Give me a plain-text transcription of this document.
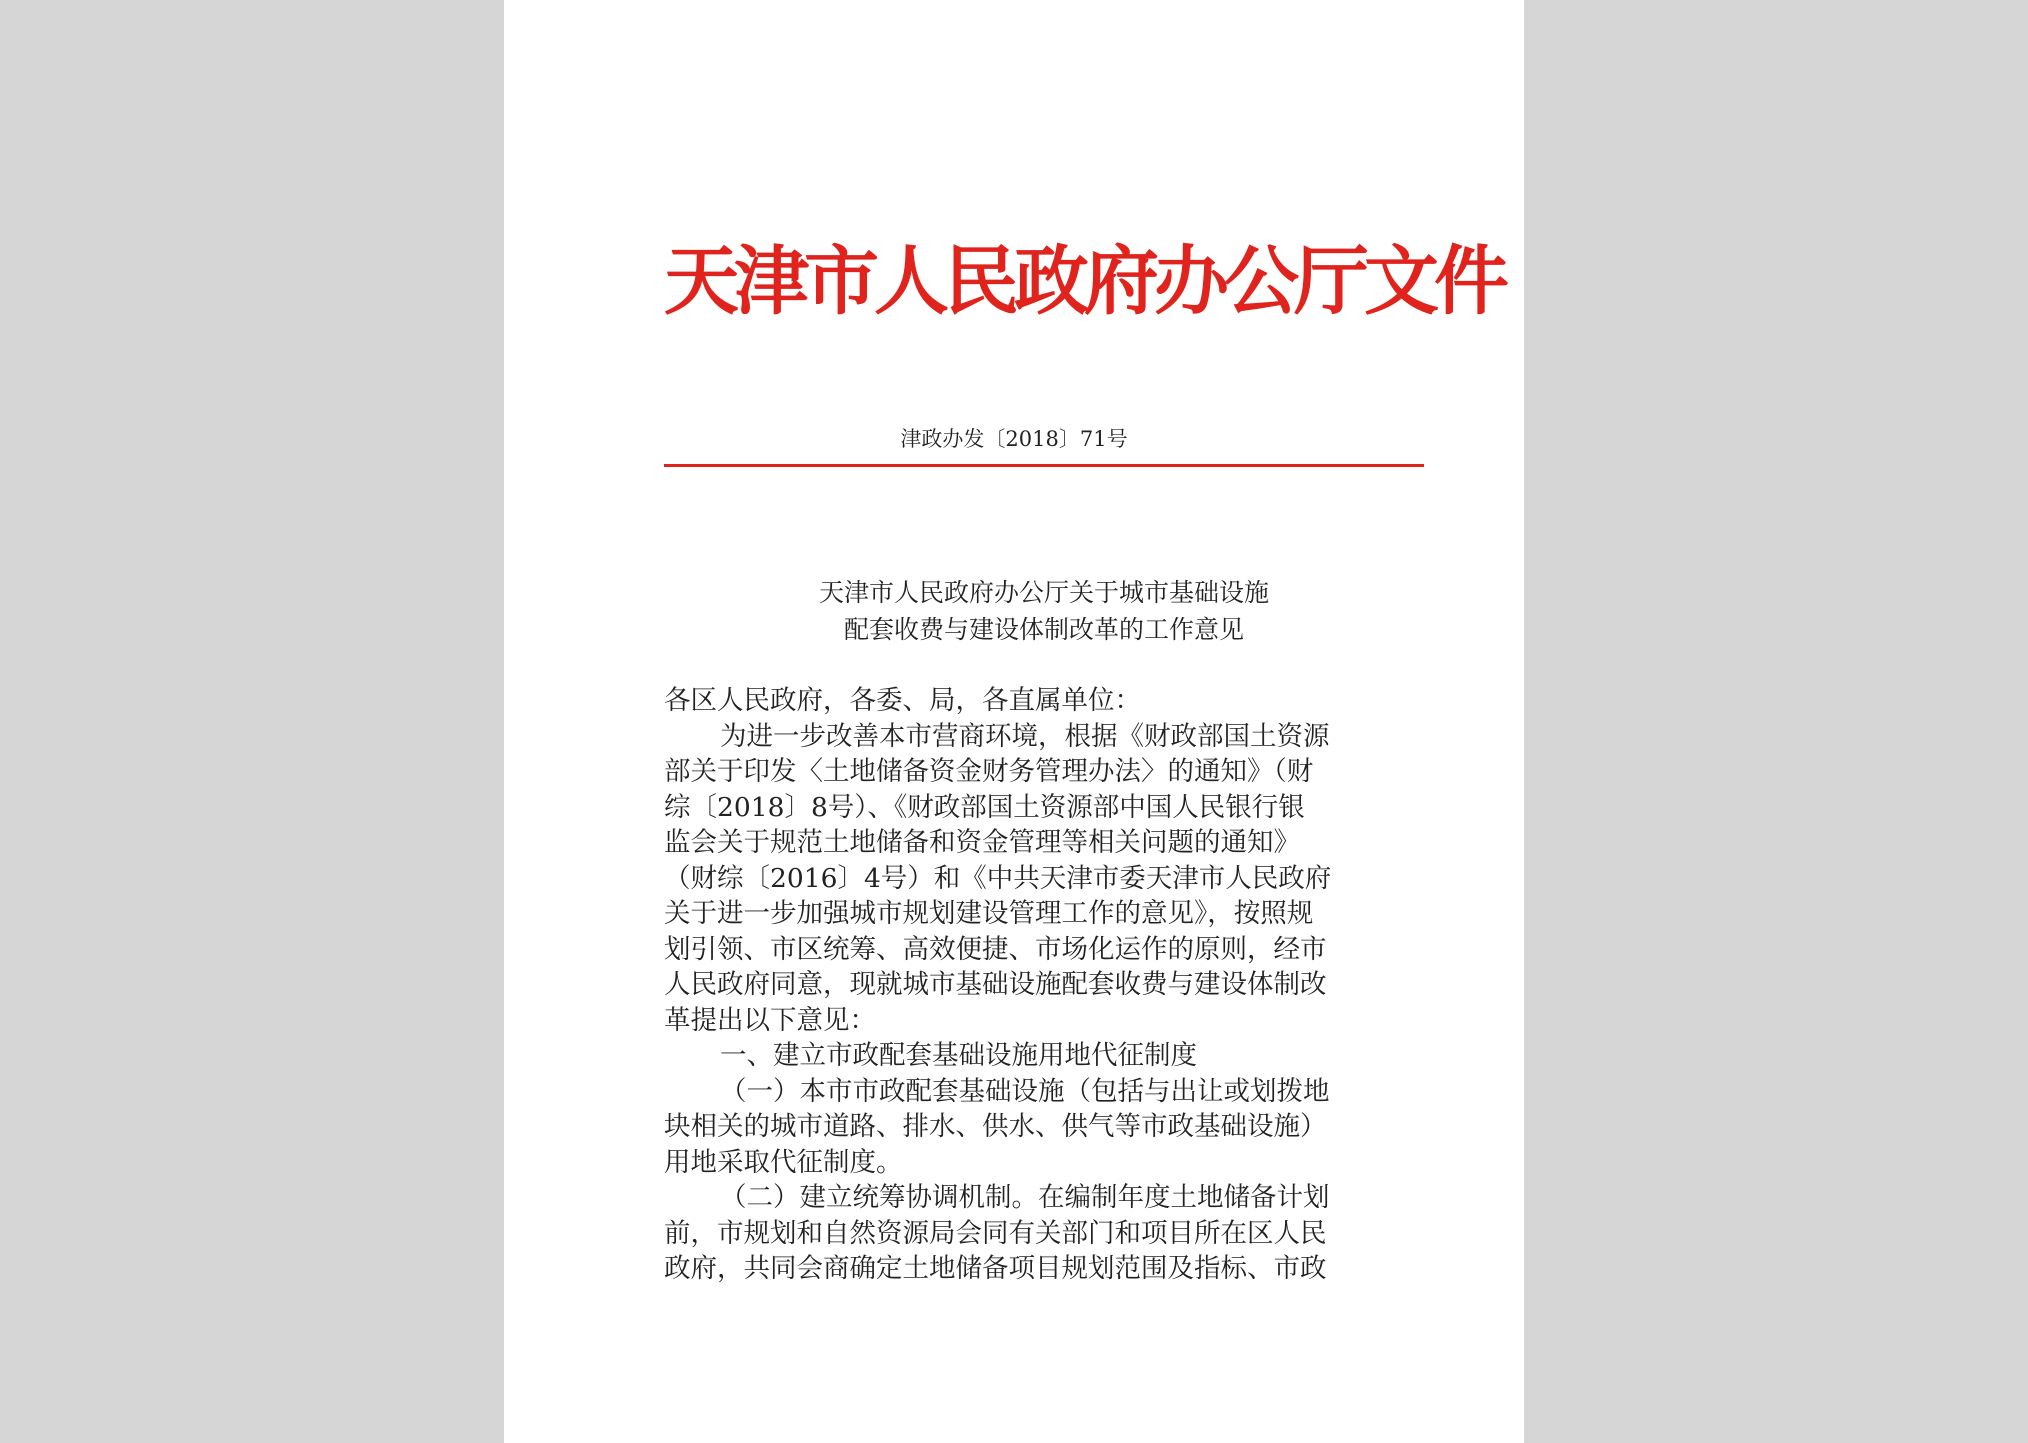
天津市人民政府办公厅文件
津政办发〔2018〕71号
天津市人民政府办公厅关于城市基础设施
配套收费与建设体制改革的工作意见
各区人民政府，各委、局，各直属单位：
为进一步改善本市营商环境，根据《财政部国土资源
部关于印发〈土地储备资金财务管理办法〉的通知》（财
综〔2018〕8号）、《财政部国土资源部中国人民银行银
监会关于规范土地储备和资金管理等相关问题的通知》
（财综〔2016〕4号）和《中共天津市委天津市人民政府
关于进一步加强城市规划建设管理工作的意见》，按照规
划引领、市区统筹、高效便捷、市场化运作的原则，经市
人民政府同意，现就城市基础设施配套收费与建设体制改
革提出以下意见：
一、建立市政配套基础设施用地代征制度
（一）本市市政配套基础设施（包括与出让或划拨地
块相关的城市道路、排水、供水、供气等市政基础设施）
用地采取代征制度。
（二）建立统筹协调机制。在编制年度土地储备计划
前，市规划和自然资源局会同有关部门和项目所在区人民
政府，共同会商确定土地储备项目规划范围及指标、市政
